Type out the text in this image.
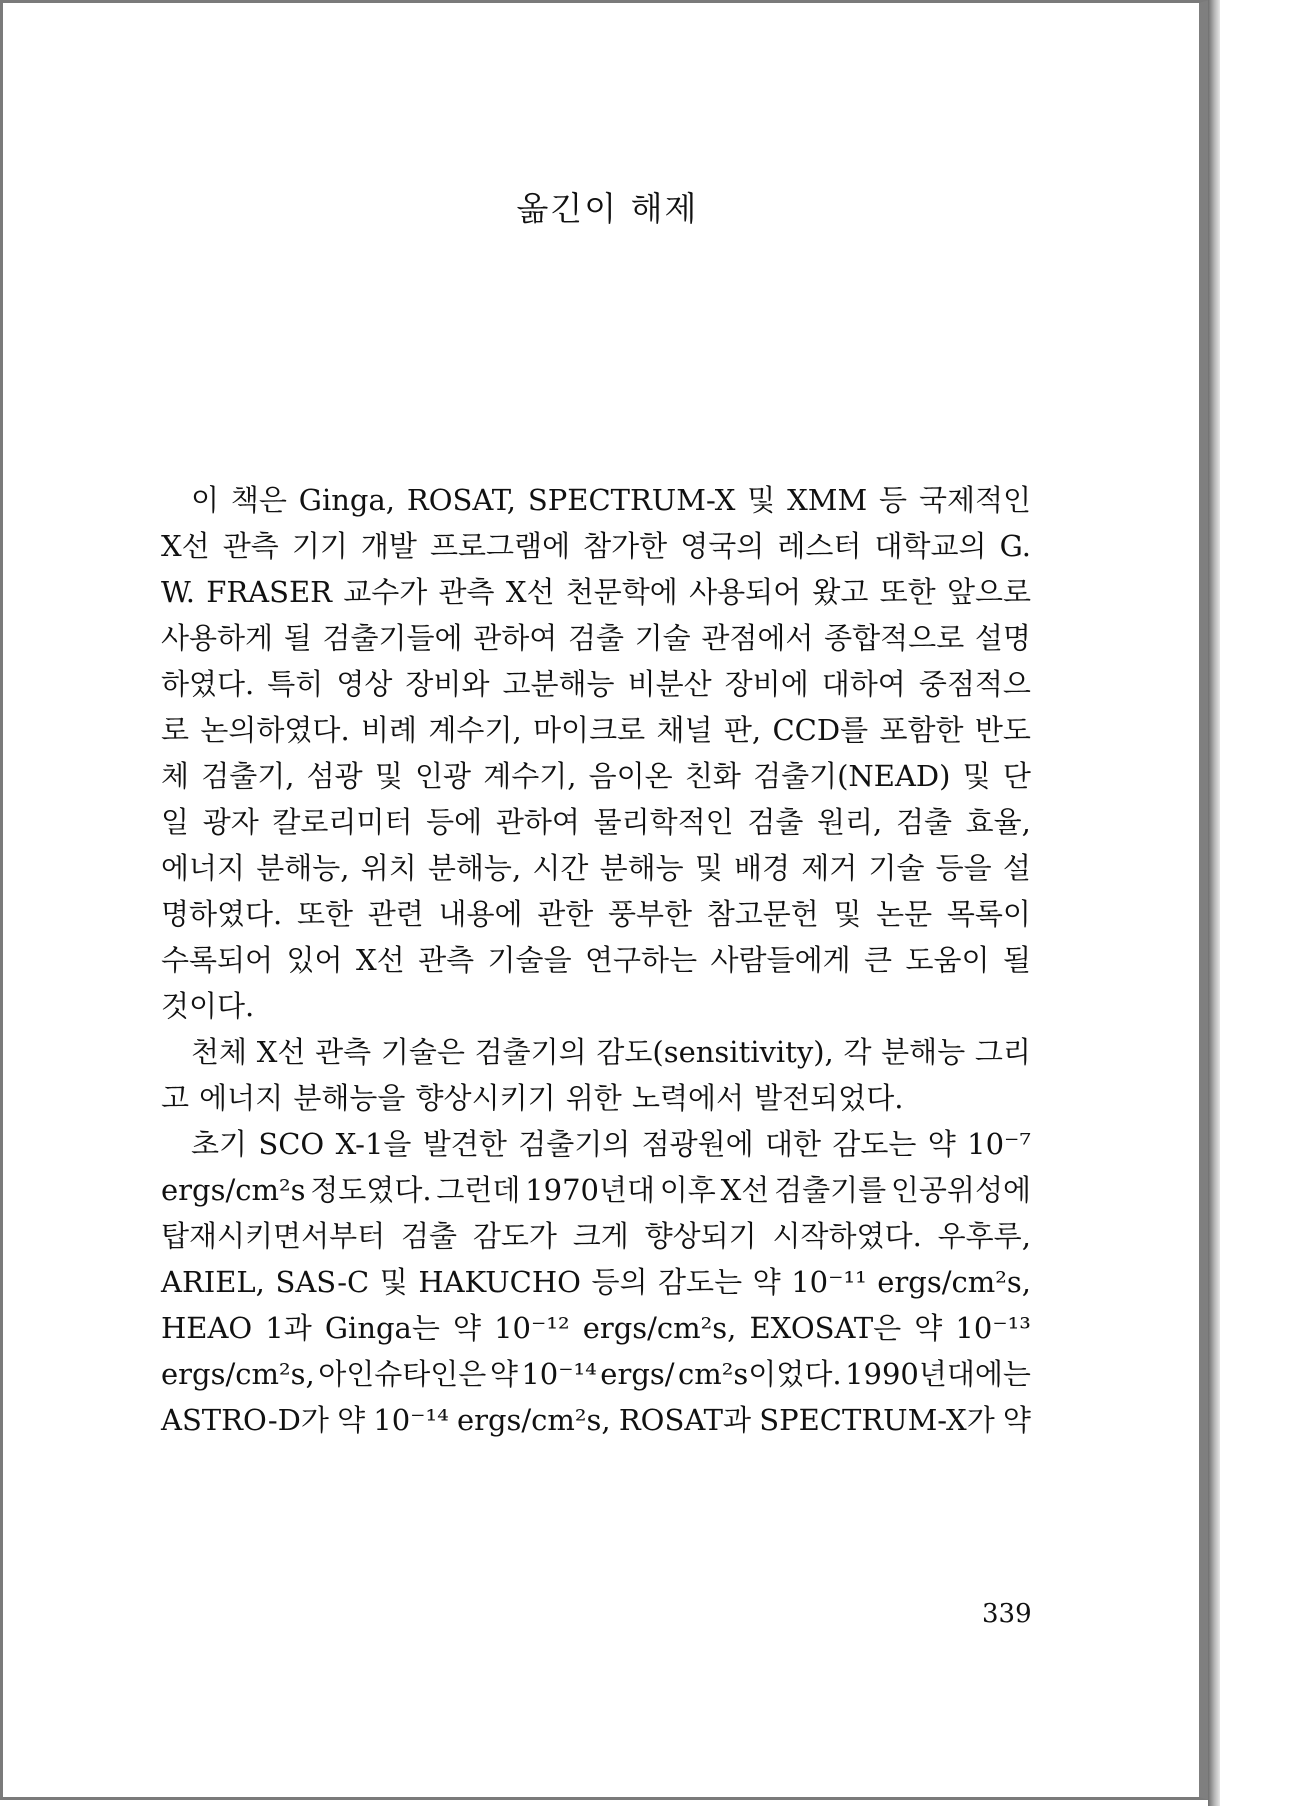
옮긴이 해제
이 책은 Ginga, ROSAT, SPECTRUM-X 및 XMM 등 국제적인
X선 관측 기기 개발 프로그램에 참가한 영국의 레스터 대학교의 G.
W. FRASER 교수가 관측 X선 천문학에 사용되어 왔고 또한 앞으로
사용하게 될 검출기들에 관하여 검출 기술 관점에서 종합적으로 설명
하였다. 특히 영상 장비와 고분해능 비분산 장비에 대하여 중점적으
로 논의하였다. 비례 계수기, 마이크로 채널 판, CCD를 포함한 반도
체 검출기, 섬광 및 인광 계수기, 음이온 친화 검출기(NEAD) 및 단
일 광자 칼로리미터 등에 관하여 물리학적인 검출 원리, 검출 효율,
에너지 분해능, 위치 분해능, 시간 분해능 및 배경 제거 기술 등을 설
명하였다. 또한 관련 내용에 관한 풍부한 참고문헌 및 논문 목록이
수록되어 있어 X선 관측 기술을 연구하는 사람들에게 큰 도움이 될
것이다.
천체 X선 관측 기술은 검출기의 감도(sensitivity), 각 분해능 그리
고 에너지 분해능을 향상시키기 위한 노력에서 발전되었다.
초기 SCO X-1을 발견한 검출기의 점광원에 대한 감도는 약 10⁻⁷
ergs/cm²s 정도였다. 그런데 1970년대 이후 X선 검출기를 인공위성에
탑재시키면서부터 검출 감도가 크게 향상되기 시작하였다. 우후루,
ARIEL, SAS-C 및 HAKUCHO 등의 감도는 약 10⁻¹¹ ergs/cm²s,
HEAO 1과 Ginga는 약 10⁻¹² ergs/cm²s, EXOSAT은 약 10⁻¹³
ergs/cm²s, 아인슈타인은 약 10⁻¹⁴ ergs/ cm²s이었다. 1990년대에는
ASTRO-D가 약 10⁻¹⁴ ergs/cm²s, ROSAT과 SPECTRUM-X가 약
339
